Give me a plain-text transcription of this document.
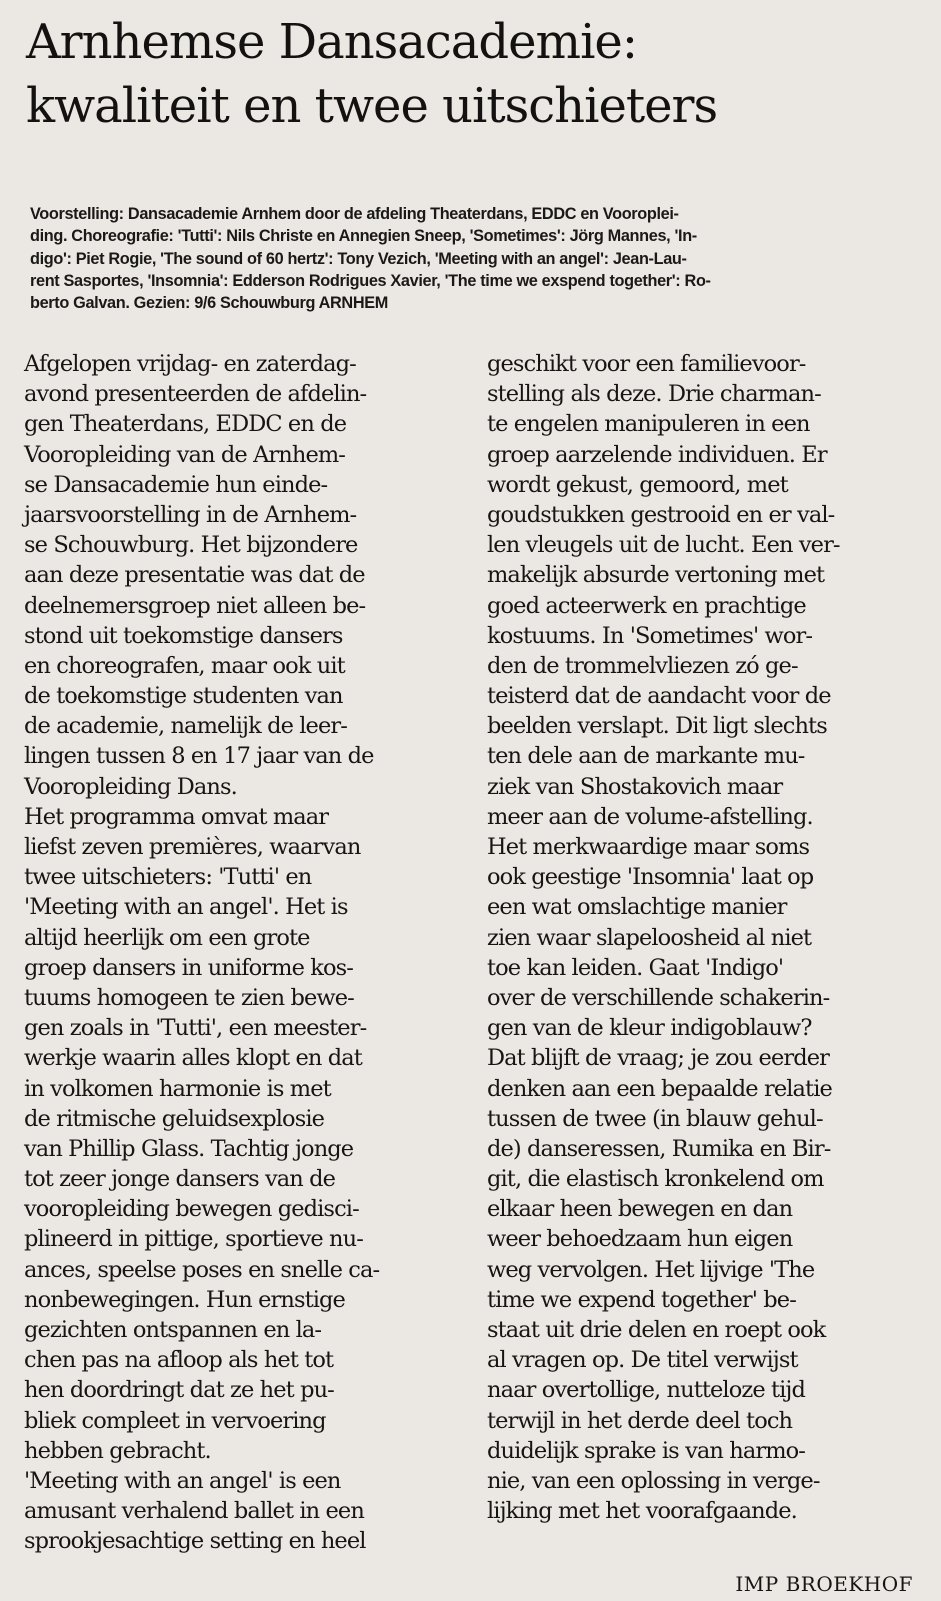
Arnhemse Dansacademie:
kwaliteit en twee uitschieters

Voorstelling: Dansacademie Arnhem door de afdeling Theaterdans, EDDC en Vooroplei-
ding. Choreografie: 'Tutti': Nils Christe en Annegien Sneep, 'Sometimes': Jörg Mannes, 'In-
digo': Piet Rogie, 'The sound of 60 hertz': Tony Vezich, 'Meeting with an angel': Jean-Lau-
rent Sasportes, 'Insomnia': Edderson Rodrigues Xavier, 'The time we exspend together': Ro-
berto Galvan. Gezien: 9/6 Schouwburg ARNHEM

Afgelopen vrijdag- en zaterdag-
avond presenteerden de afdelin-
gen Theaterdans, EDDC en de
Vooropleiding van de Arnhem-
se Dansacademie hun einde-
jaarsvoorstelling in de Arnhem-
se Schouwburg. Het bijzondere
aan deze presentatie was dat de
deelnemersgroep niet alleen be-
stond uit toekomstige dansers
en choreografen, maar ook uit
de toekomstige studenten van
de academie, namelijk de leer-
lingen tussen 8 en 17 jaar van de
Vooropleiding Dans.
Het programma omvat maar
liefst zeven premières, waarvan
twee uitschieters: 'Tutti' en
'Meeting with an angel'. Het is
altijd heerlijk om een grote
groep dansers in uniforme kos-
tuums homogeen te zien bewe-
gen zoals in 'Tutti', een meester-
werkje waarin alles klopt en dat
in volkomen harmonie is met
de ritmische geluidsexplosie
van Phillip Glass. Tachtig jonge
tot zeer jonge dansers van de
vooropleiding bewegen gedisci-
plineerd in pittige, sportieve nu-
ances, speelse poses en snelle ca-
nonbewegingen. Hun ernstige
gezichten ontspannen en la-
chen pas na afloop als het tot
hen doordringt dat ze het pu-
bliek compleet in vervoering
hebben gebracht.
'Meeting with an angel' is een
amusant verhalend ballet in een
sprookjesachtige setting en heel
geschikt voor een familievoor-
stelling als deze. Drie charman-
te engelen manipuleren in een
groep aarzelende individuen. Er
wordt gekust, gemoord, met
goudstukken gestrooid en er val-
len vleugels uit de lucht. Een ver-
makelijk absurde vertoning met
goed acteerwerk en prachtige
kostuums. In 'Sometimes' wor-
den de trommelvliezen zó ge-
teisterd dat de aandacht voor de
beelden verslapt. Dit ligt slechts
ten dele aan de markante mu-
ziek van Shostakovich maar
meer aan de volume-afstelling.
Het merkwaardige maar soms
ook geestige 'Insomnia' laat op
een wat omslachtige manier
zien waar slapeloosheid al niet
toe kan leiden. Gaat 'Indigo'
over de verschillende schakerin-
gen van de kleur indigoblauw?
Dat blijft de vraag; je zou eerder
denken aan een bepaalde relatie
tussen de twee (in blauw gehul-
de) danseressen, Rumika en Bir-
git, die elastisch kronkelend om
elkaar heen bewegen en dan
weer behoedzaam hun eigen
weg vervolgen. Het lijvige 'The
time we expend together' be-
staat uit drie delen en roept ook
al vragen op. De titel verwijst
naar overtollige, nutteloze tijd
terwijl in het derde deel toch
duidelijk sprake is van harmo-
nie, van een oplossing in verge-
lijking met het voorafgaande.
IMP BROEKHOF
